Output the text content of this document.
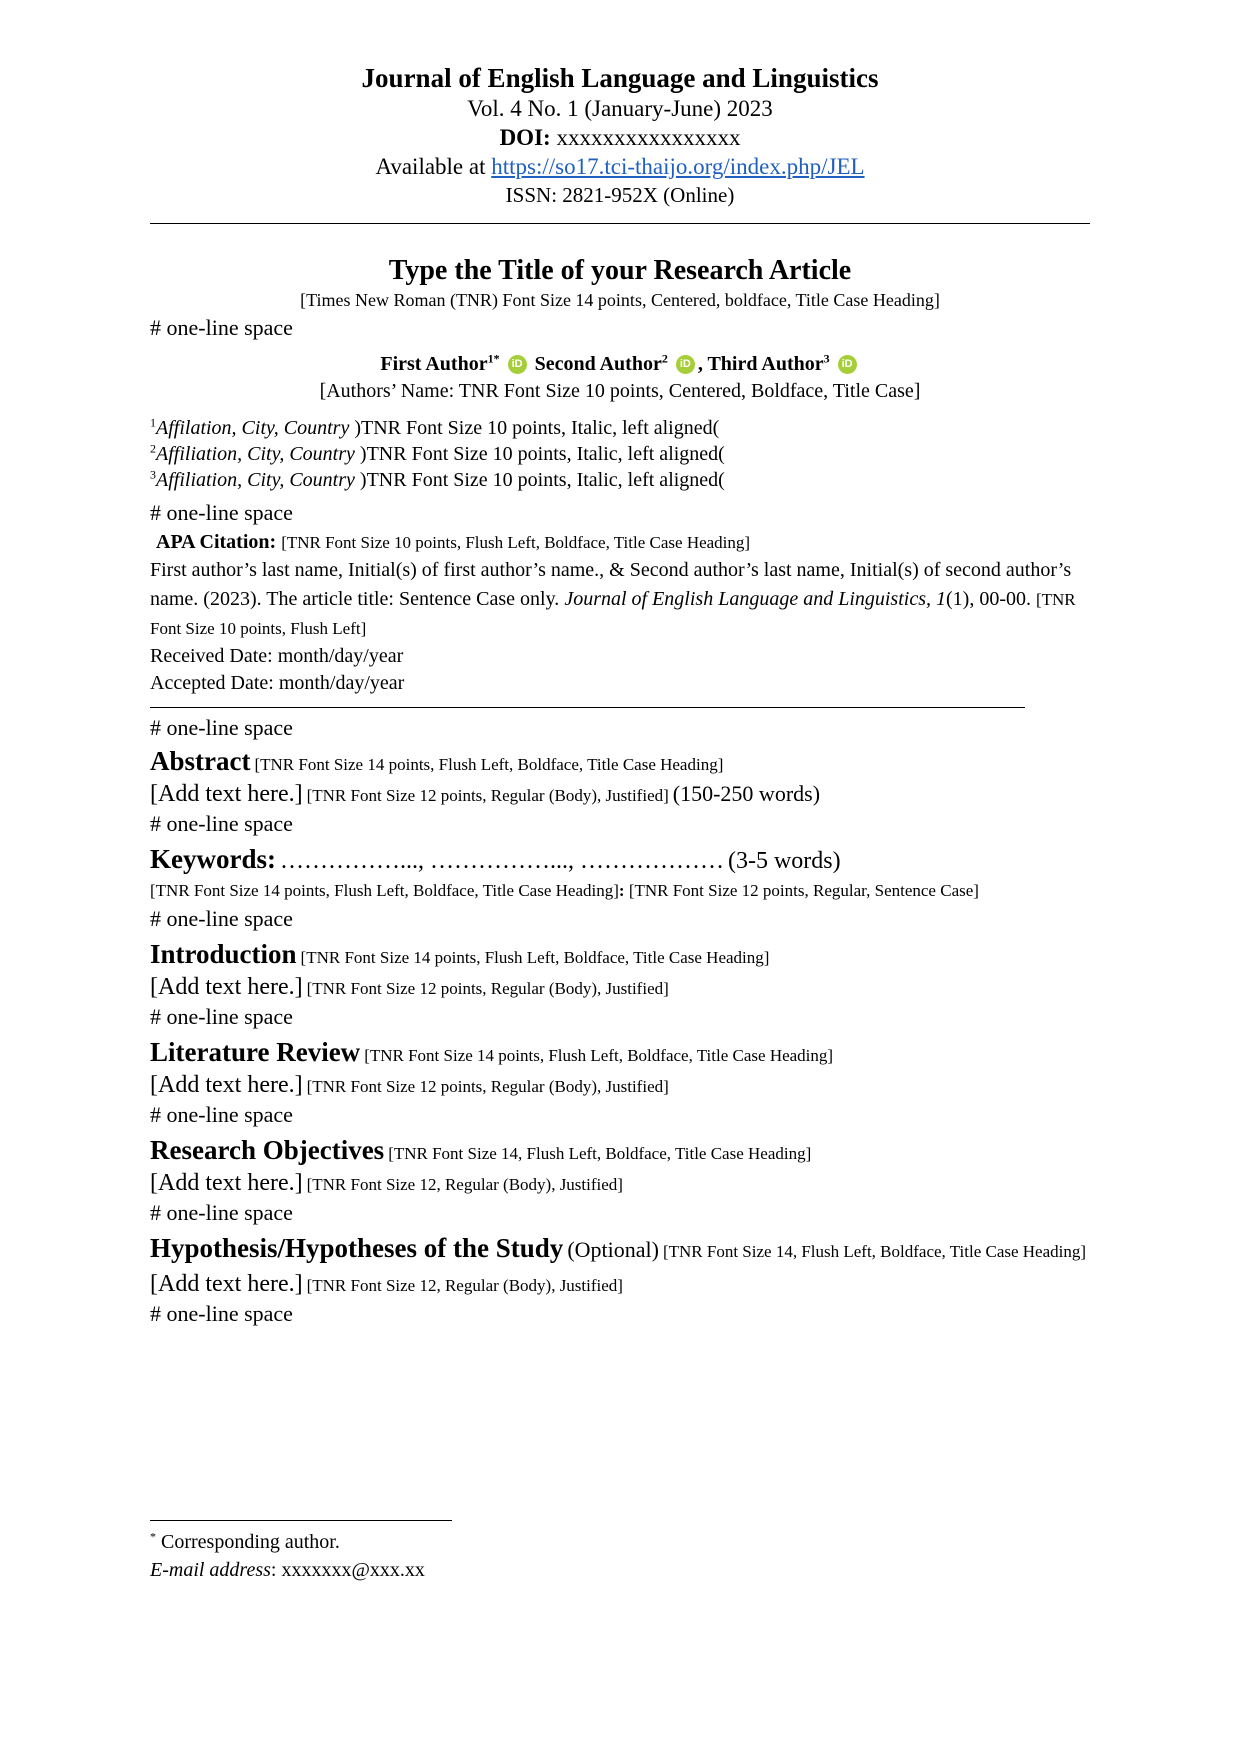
Journal of English Language and Linguistics
Vol. 4 No. 1 (January-June) 2023
DOI: xxxxxxxxxxxxxxxx
Available at https://so17.tci-thaijo.org/index.php/JEL
ISSN: 2821-952X (Online)
Type the Title of your Research Article
[Times New Roman (TNR) Font Size 14 points, Centered, boldface, Title Case Heading]
# one-line space
First Author$^{1*}$ iD Second Author$^2$ iD , Third Author$^3$ iD
[Authors’ Name: TNR Font Size 10 points, Centered, Boldface, Title Case]
$^1$Affilation, City, Country )TNR Font Size 10 points, Italic, left aligned(
$^2$Affiliation, City, Country )TNR Font Size 10 points, Italic, left aligned(
$^3$Affiliation, City, Country )TNR Font Size 10 points, Italic, left aligned(
# one-line space
APA Citation: [TNR Font Size 10 points, Flush Left, Boldface, Title Case Heading]
First author’s last name, Initial(s) of first author’s name., & Second author’s last name, Initial(s) of second author’s name. (2023). The article title: Sentence Case only. Journal of English Language and Linguistics, 1(1), 00-00. [TNR Font Size 10 points, Flush Left]
Received Date: month/day/year
Accepted Date: month/day/year
# one-line space
Abstract [TNR Font Size 14 points, Flush Left, Boldface, Title Case Heading]
[Add text here.] [TNR Font Size 12 points, Regular (Body), Justified] (150-250 words)
# one-line space
Keywords: ……………..., ……………..., ……………… (3-5 words)
[TNR Font Size 14 points, Flush Left, Boldface, Title Case Heading]: [TNR Font Size 12 points, Regular, Sentence Case]
# one-line space
Introduction [TNR Font Size 14 points, Flush Left, Boldface, Title Case Heading]
[Add text here.] [TNR Font Size 12 points, Regular (Body), Justified]
# one-line space
Literature Review [TNR Font Size 14 points, Flush Left, Boldface, Title Case Heading]
[Add text here.] [TNR Font Size 12 points, Regular (Body), Justified]
# one-line space
Research Objectives [TNR Font Size 14, Flush Left, Boldface, Title Case Heading]
[Add text here.] [TNR Font Size 12, Regular (Body), Justified]
# one-line space
Hypothesis/Hypotheses of the Study (Optional) [TNR Font Size 14, Flush Left, Boldface, Title Case Heading]
[Add text here.] [TNR Font Size 12, Regular (Body), Justified]
# one-line space
* Corresponding author.
E-mail address: xxxxxxx@xxx.xx
